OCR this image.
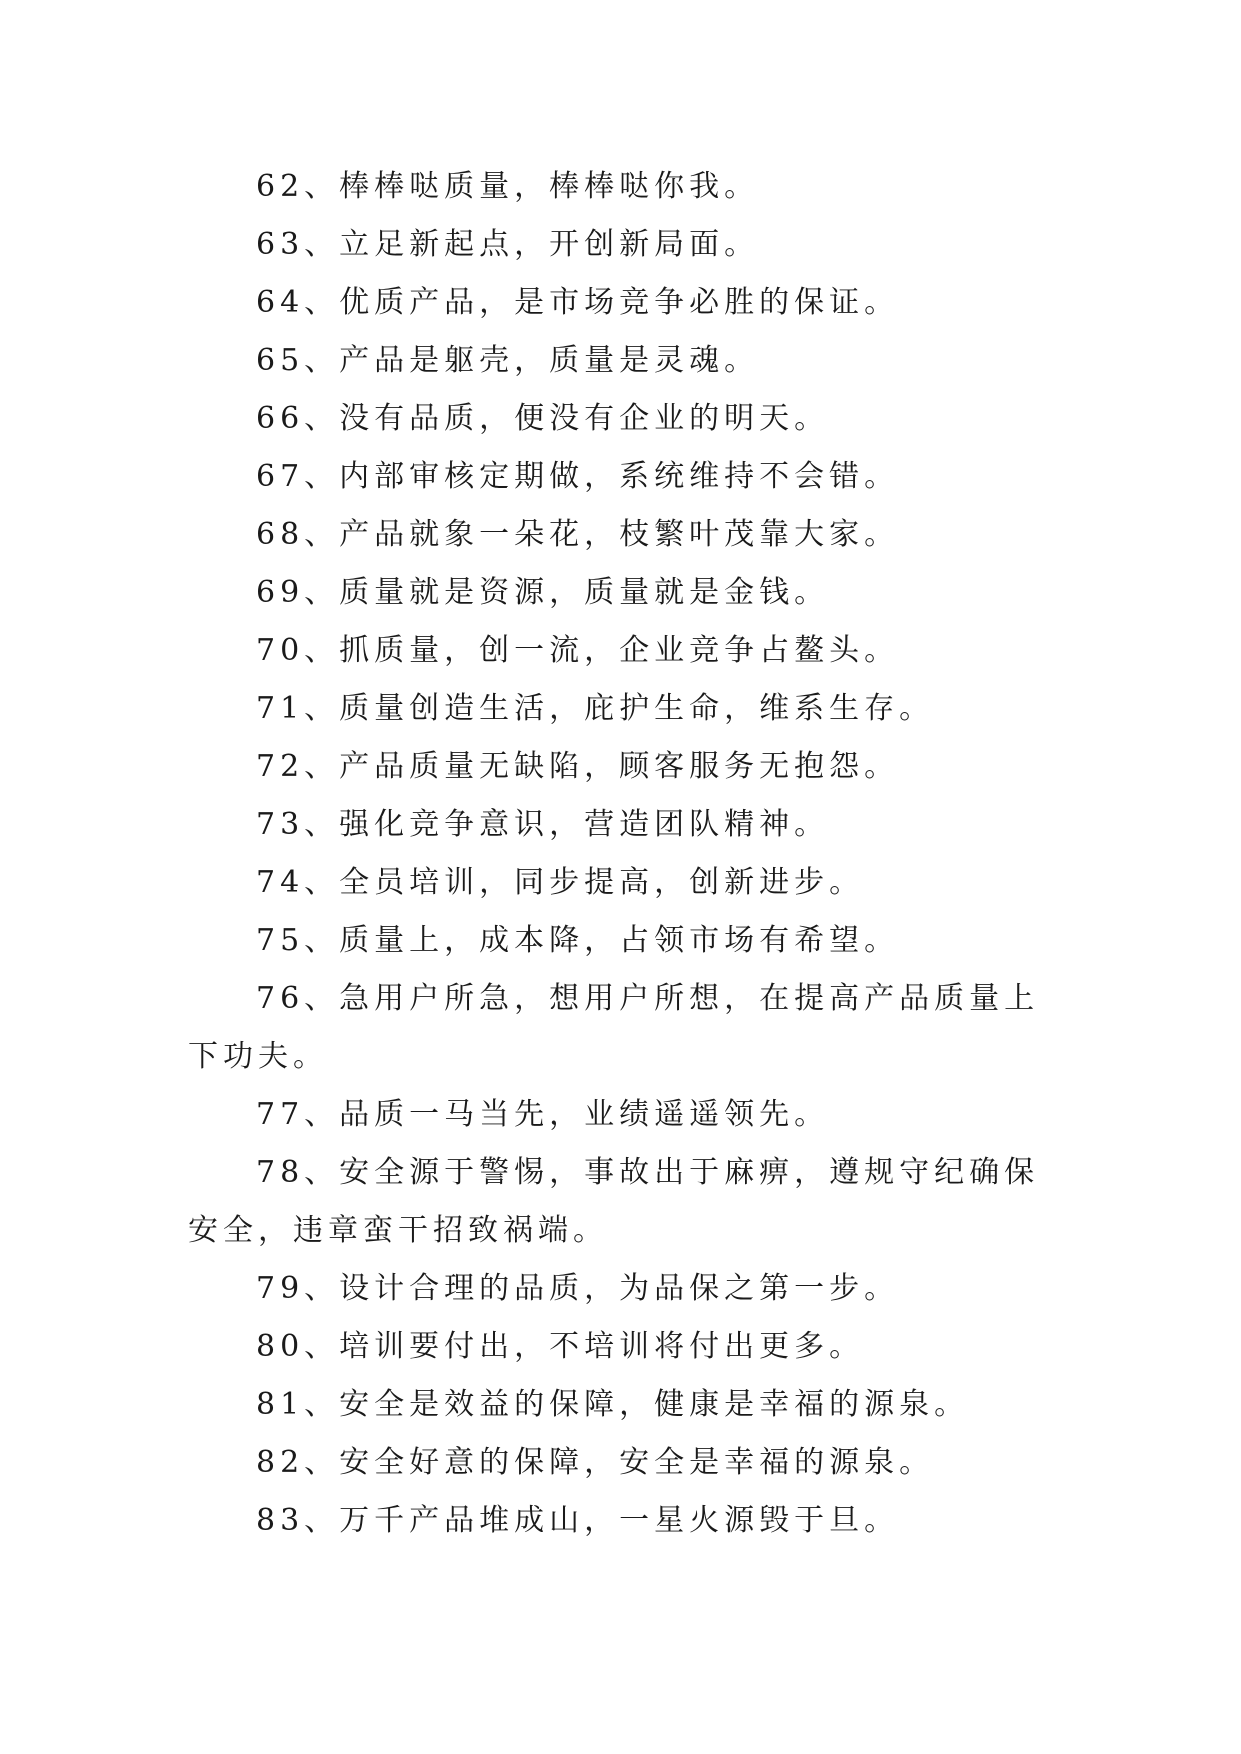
62、棒棒哒质量，棒棒哒你我。

63、立足新起点，开创新局面。

64、优质产品，是市场竞争必胜的保证。

65、产品是躯壳，质量是灵魂。

66、没有品质，便没有企业的明天。

67、内部审核定期做，系统维持不会错。

68、产品就象一朵花，枝繁叶茂靠大家。

69、质量就是资源，质量就是金钱。

70、抓质量，创一流，企业竞争占鳌头。

71、质量创造生活，庇护生命，维系生存。

72、产品质量无缺陷，顾客服务无抱怨。

73、强化竞争意识，营造团队精神。

74、全员培训，同步提高，创新进步。

75、质量上，成本降，占领市场有希望。

76、急用户所急，想用户所想，在提高产品质量上下功夫。

77、品质一马当先，业绩遥遥领先。

78、安全源于警惕，事故出于麻痹，遵规守纪确保安全，违章蛮干招致祸端。

79、设计合理的品质，为品保之第一步。

80、培训要付出，不培训将付出更多。

81、安全是效益的保障，健康是幸福的源泉。

82、安全好意的保障，安全是幸福的源泉。

83、万千产品堆成山，一星火源毁于旦。
